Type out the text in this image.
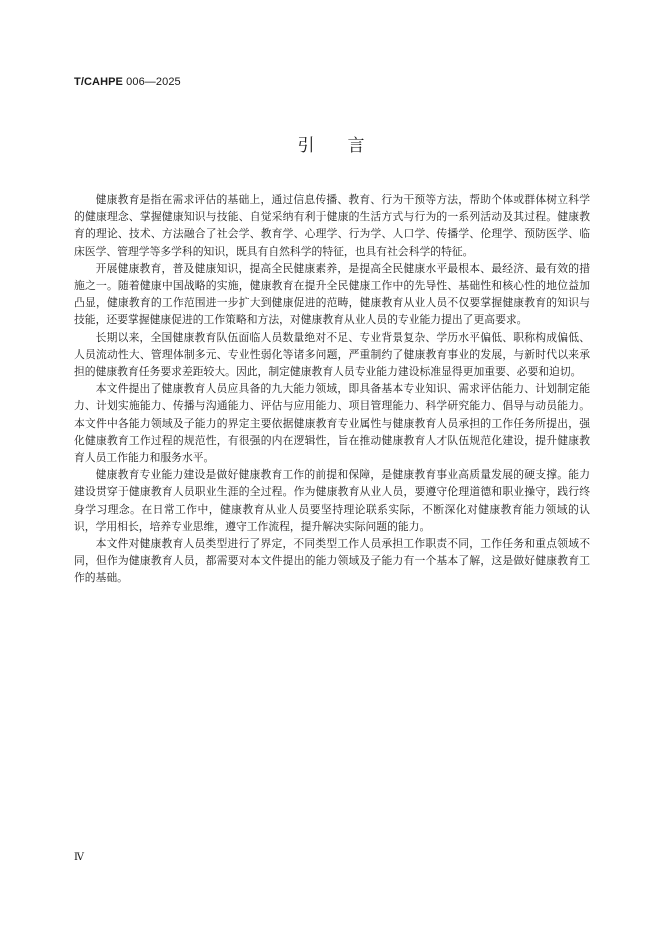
T/CAHPE 006—2025
引言

健康教育是指在需求评估的基础上，通过信息传播、教育、行为干预等方法，帮助个体或群体树立科学的健康理念、掌握健康知识与技能、自觉采纳有利于健康的生活方式与行为的一系列活动及其过程。健康教育的理论、技术、方法融合了社会学、教育学、心理学、行为学、人口学、传播学、伦理学、预防医学、临床医学、管理学等多学科的知识，既具有自然科学的特征，也具有社会科学的特征。

开展健康教育，普及健康知识，提高全民健康素养，是提高全民健康水平最根本、最经济、最有效的措施之一。随着健康中国战略的实施，健康教育在提升全民健康工作中的先导性、基础性和核心性的地位益加凸显，健康教育的工作范围进一步扩大到健康促进的范畴，健康教育从业人员不仅要掌握健康教育的知识与技能，还要掌握健康促进的工作策略和方法，对健康教育从业人员的专业能力提出了更高要求。

长期以来，全国健康教育队伍面临人员数量绝对不足、专业背景复杂、学历水平偏低、职称构成偏低、人员流动性大、管理体制多元、专业性弱化等诸多问题，严重制约了健康教育事业的发展，与新时代以来承担的健康教育任务要求差距较大。因此，制定健康教育人员专业能力建设标准显得更加重要、必要和迫切。

本文件提出了健康教育人员应具备的九大能力领域，即具备基本专业知识、需求评估能力、计划制定能力、计划实施能力、传播与沟通能力、评估与应用能力、项目管理能力、科学研究能力、倡导与动员能力。本文件中各能力领域及子能力的界定主要依据健康教育专业属性与健康教育人员承担的工作任务所提出，强化健康教育工作过程的规范性，有很强的内在逻辑性，旨在推动健康教育人才队伍规范化建设，提升健康教育人员工作能力和服务水平。

健康教育专业能力建设是做好健康教育工作的前提和保障，是健康教育事业高质量发展的硬支撑。能力建设贯穿于健康教育人员职业生涯的全过程。作为健康教育从业人员，要遵守伦理道德和职业操守，践行终身学习理念。在日常工作中，健康教育从业人员要坚持理论联系实际，不断深化对健康教育能力领域的认识，学用相长，培养专业思维，遵守工作流程，提升解决实际问题的能力。

本文件对健康教育人员类型进行了界定，不同类型工作人员承担工作职责不同，工作任务和重点领域不同，但作为健康教育人员，都需要对本文件提出的能力领域及子能力有一个基本了解，这是做好健康教育工作的基础。

Ⅳ
